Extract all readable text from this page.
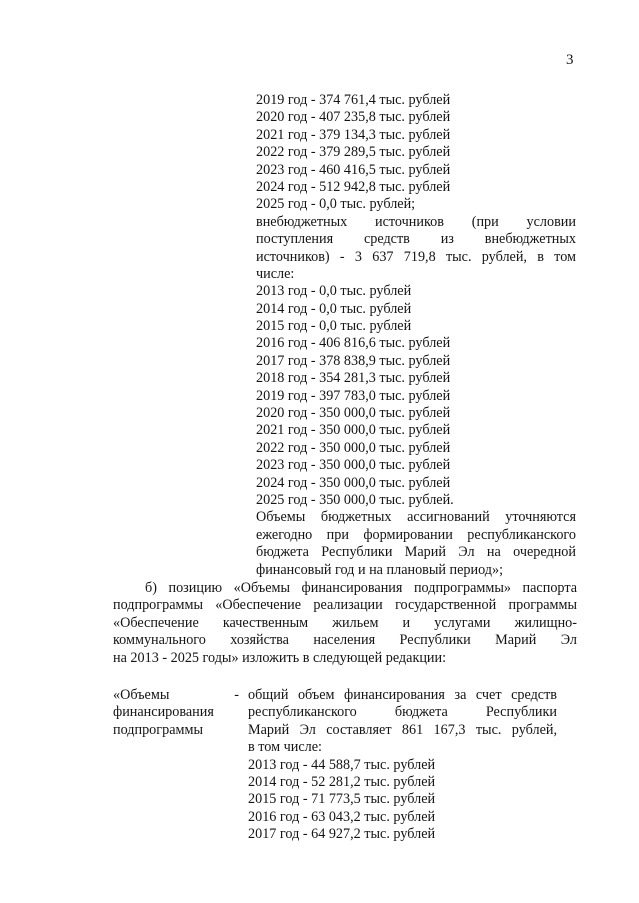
3
2019 год - 374 761,4 тыс. рублей
2020 год - 407 235,8 тыс. рублей
2021 год - 379 134,3 тыс. рублей
2022 год - 379 289,5 тыс. рублей
2023 год - 460 416,5 тыс. рублей
2024 год - 512 942,8 тыс. рублей
2025 год - 0,0 тыс. рублей;
внебюджетных источников (при условии
поступления средств из внебюджетных
источников) - 3 637 719,8 тыс. рублей, в том
числе:
2013 год - 0,0 тыс. рублей
2014 год - 0,0 тыс. рублей
2015 год - 0,0 тыс. рублей
2016 год - 406 816,6 тыс. рублей
2017 год - 378 838,9 тыс. рублей
2018 год - 354 281,3 тыс. рублей
2019 год - 397 783,0 тыс. рублей
2020 год - 350 000,0 тыс. рублей
2021 год - 350 000,0 тыс. рублей
2022 год - 350 000,0 тыс. рублей
2023 год - 350 000,0 тыс. рублей
2024 год - 350 000,0 тыс. рублей
2025 год - 350 000,0 тыс. рублей.
Объемы бюджетных ассигнований уточняются
ежегодно при формировании республиканского
бюджета Республики Марий Эл на очередной
финансовый год и на плановый период»;
б) позицию «Объемы финансирования подпрограммы» паспорта
подпрограммы «Обеспечение реализации государственной программы
«Обеспечение качественным жильем и услугами жилищно-
коммунального хозяйства населения Республики Марий Эл
на 2013 - 2025 годы» изложить в следующей редакции:
«Объемы	-
финансирования
подпрограммы
общий объем финансирования за счет средств
республиканского бюджета Республики
Марий Эл составляет 861 167,3 тыс. рублей,
в том числе:
2013 год - 44 588,7 тыс. рублей
2014 год - 52 281,2 тыс. рублей
2015 год - 71 773,5 тыс. рублей
2016 год - 63 043,2 тыс. рублей
2017 год - 64 927,2 тыс. рублей
